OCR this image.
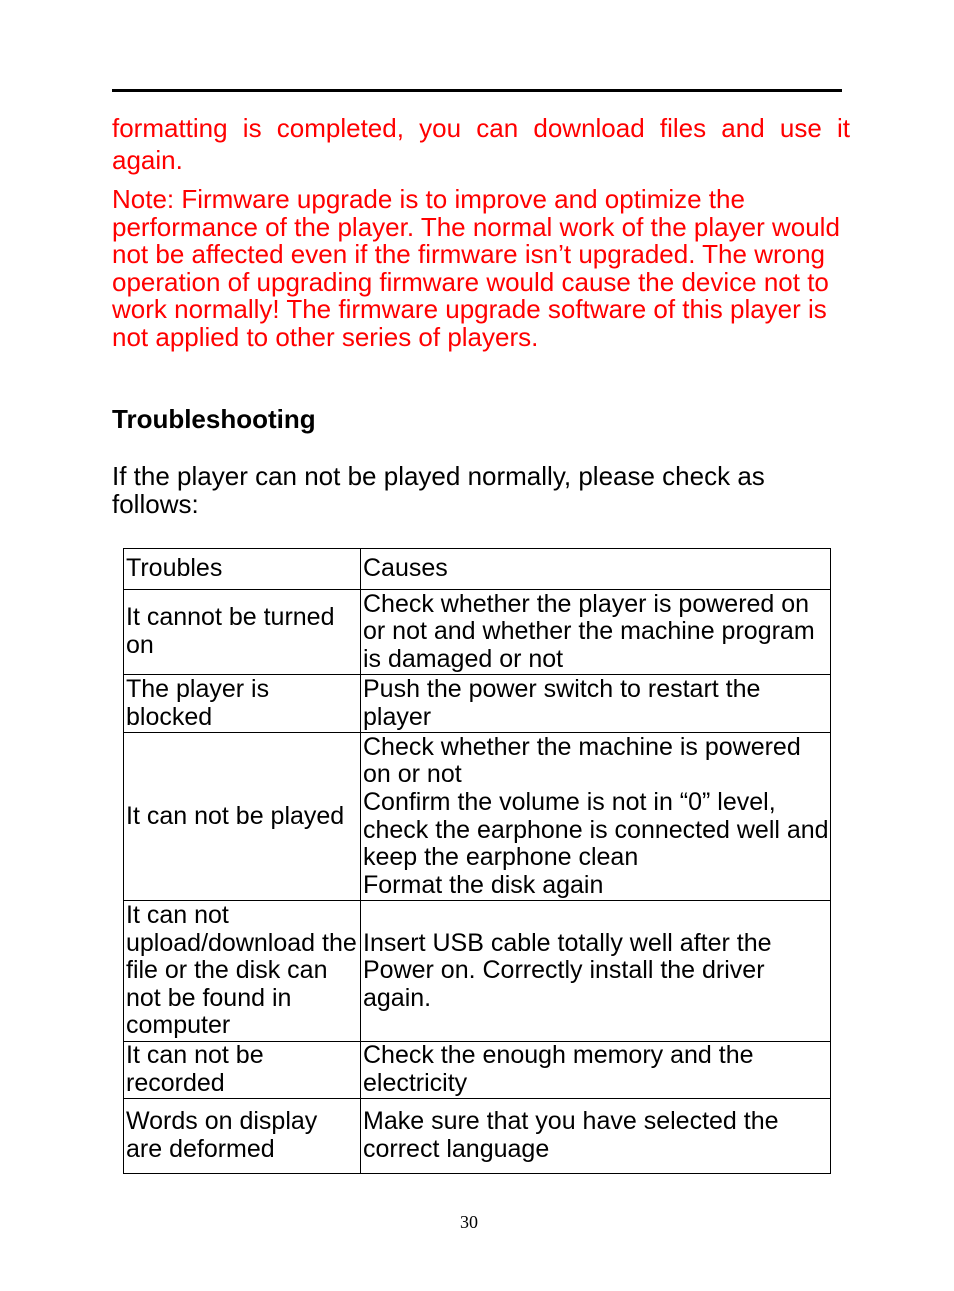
formatting is completed, you can download files and use it again.

Note: Firmware upgrade is to improve and optimize the performance of the player. The normal work of the player would not be affected even if the firmware isn’t upgraded. The wrong operation of upgrading firmware would cause the device not to work normally! The firmware upgrade software of this player is not applied to other series of players.

Troubleshooting

If the player can not be played normally, please check as follows:

Troubles	Causes
It cannot be turned on	Check whether the player is powered on or not and whether the machine program is damaged or not
The player is blocked	Push the power switch to restart the player
It can not be played	Check whether the machine is powered on or not
Confirm the volume is not in “0” level, check the earphone is connected well and keep the earphone clean
Format the disk again

It can not upload/download the file or the disk can not be found in computer	Insert USB cable totally well after the Power on. Correctly install the driver again.
It can not be recorded	Check the enough memory and the electricity
Words on display are deformed	Make sure that you have selected the correct language
30
